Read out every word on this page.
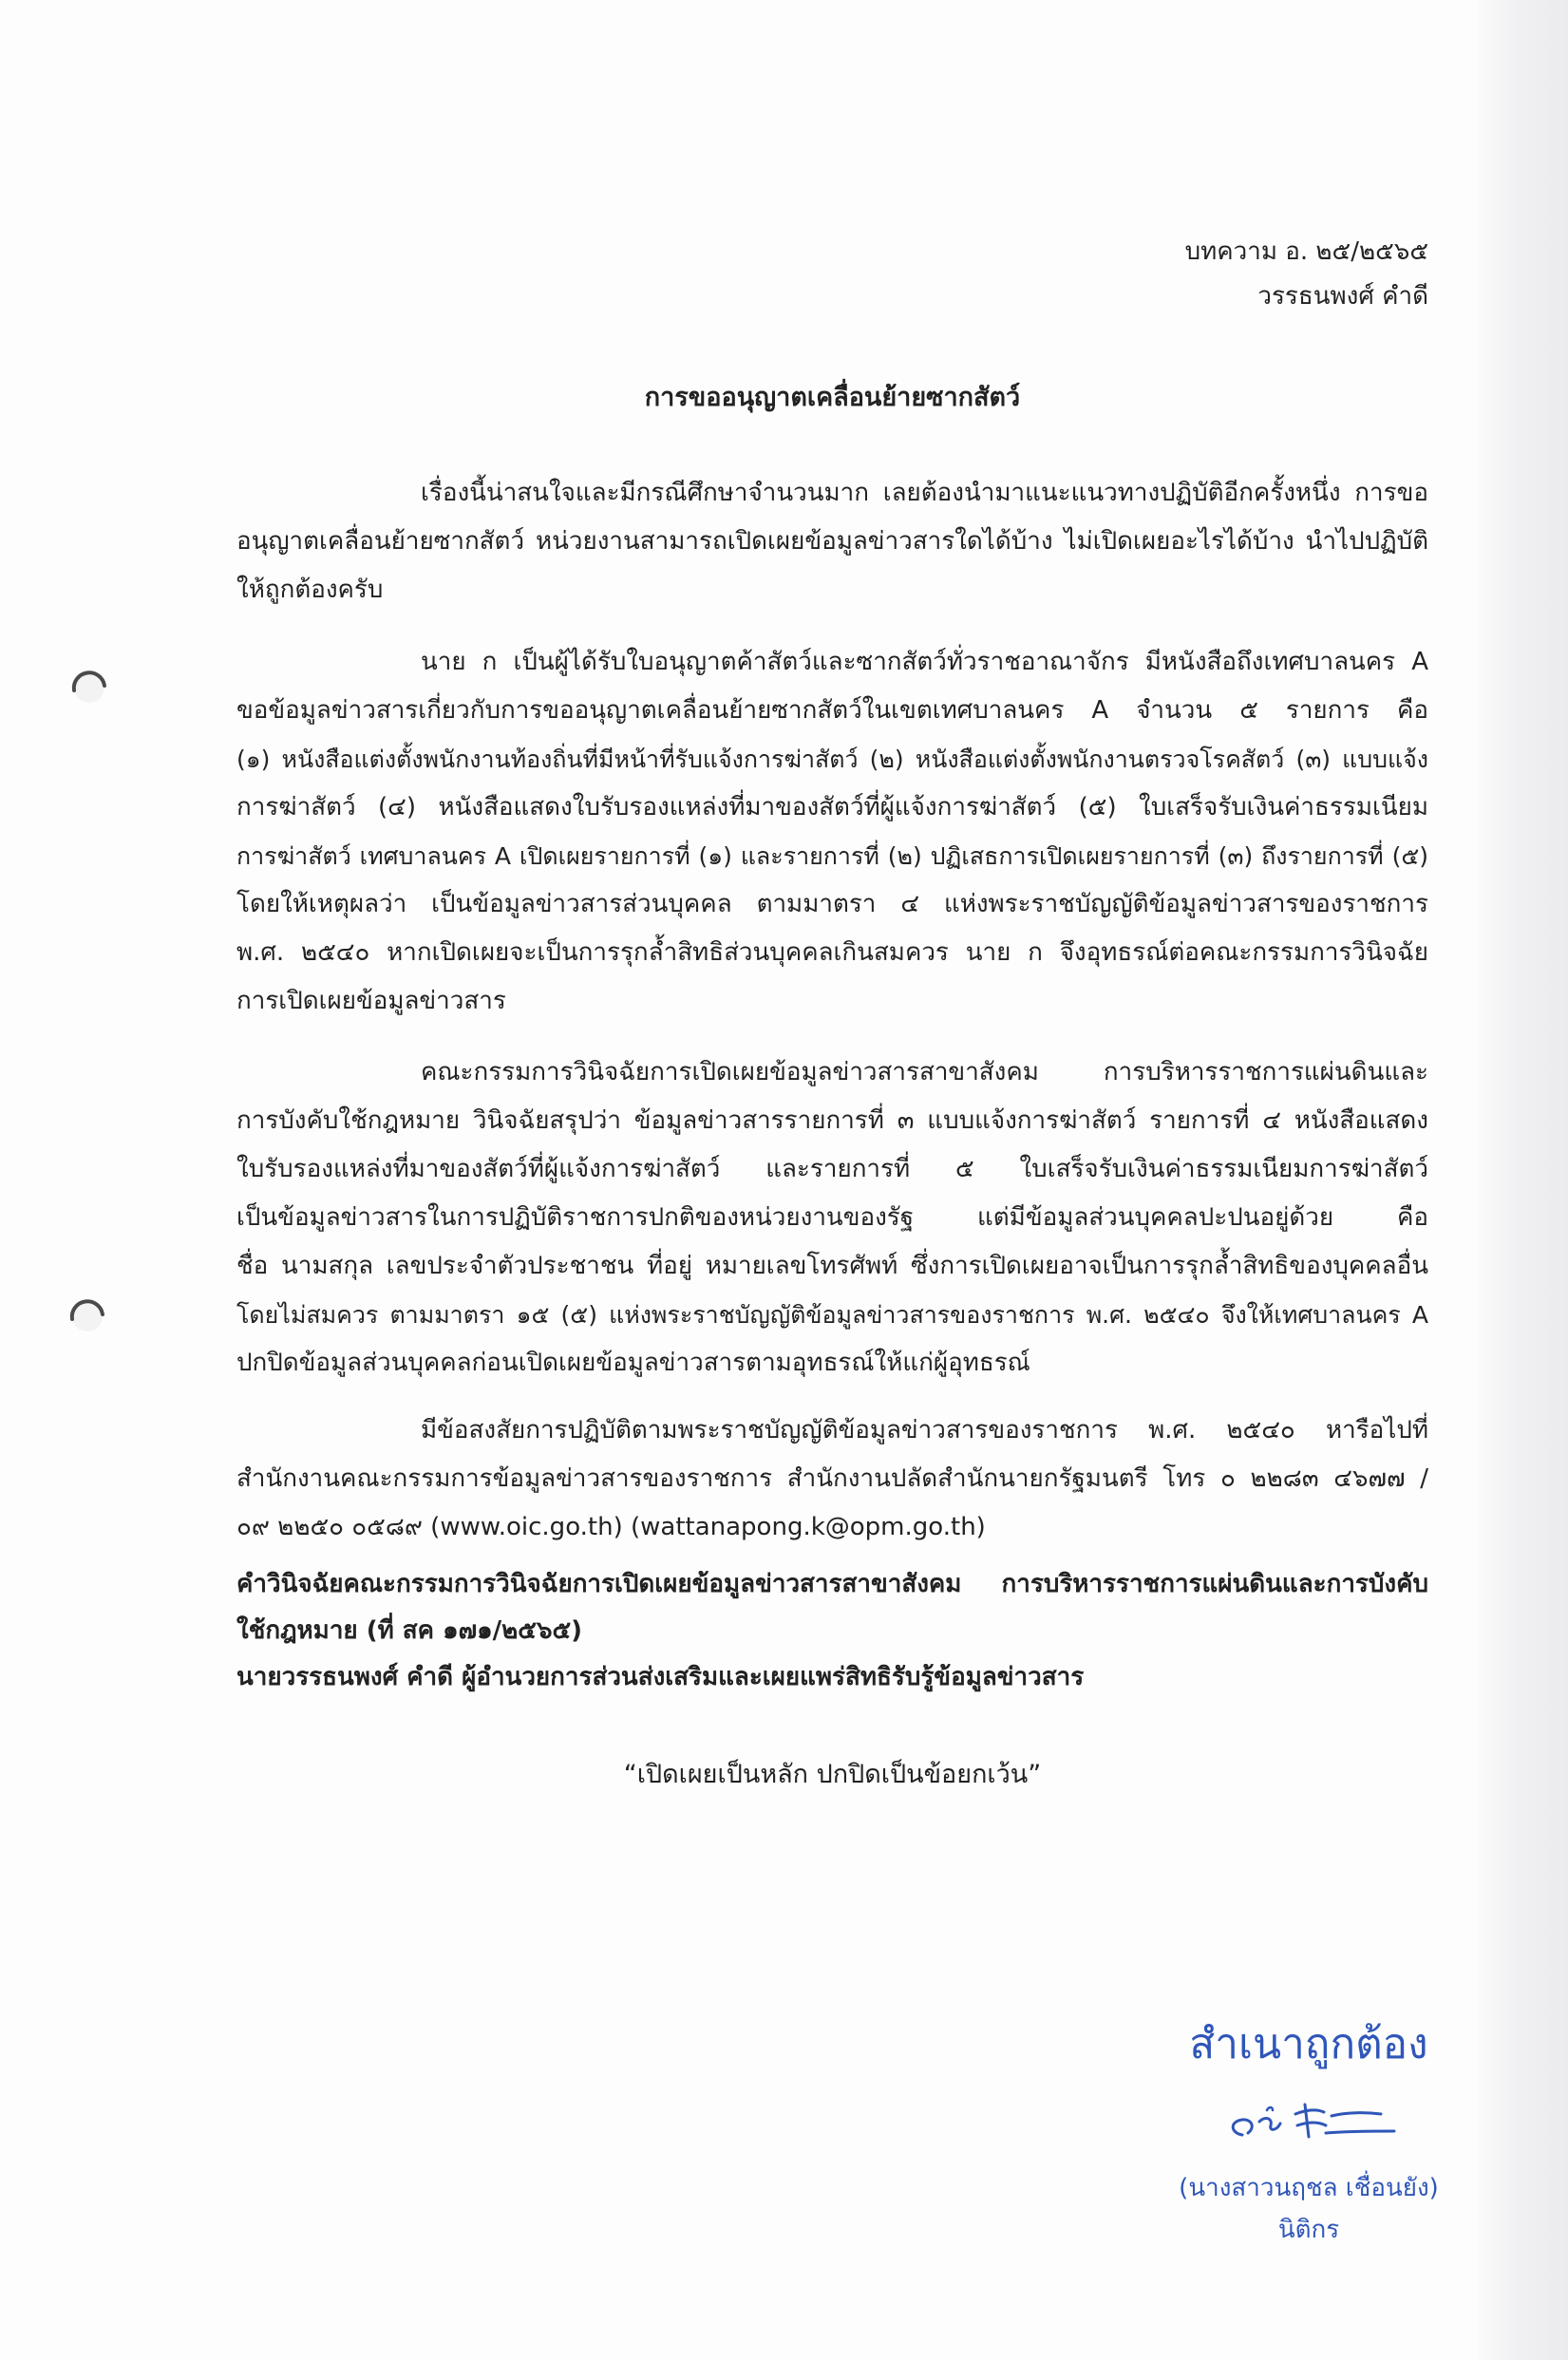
บทความ อ. ๒๕/๒๕๖๕
วรรธนพงศ์ คำดี
การขออนุญาตเคลื่อนย้ายซากสัตว์
เรื่องนี้น่าสนใจและมีกรณีศึกษาจำนวนมาก เลยต้องนำมาแนะแนวทางปฏิบัติอีกครั้งหนึ่ง การขอ
อนุญาตเคลื่อนย้ายซากสัตว์ หน่วยงานสามารถเปิดเผยข้อมูลข่าวสารใดได้บ้าง ไม่เปิดเผยอะไรได้บ้าง นำไปปฏิบัติ
ให้ถูกต้องครับ
นาย ก เป็นผู้ได้รับใบอนุญาตค้าสัตว์และซากสัตว์ทั่วราชอาณาจักร มีหนังสือถึงเทศบาลนคร A
ขอข้อมูลข่าวสารเกี่ยวกับการขออนุญาตเคลื่อนย้ายซากสัตว์ในเขตเทศบาลนคร A จำนวน ๕ รายการ คือ
(๑) หนังสือแต่งตั้งพนักงานท้องถิ่นที่มีหน้าที่รับแจ้งการฆ่าสัตว์ (๒) หนังสือแต่งตั้งพนักงานตรวจโรคสัตว์ (๓) แบบแจ้ง
การฆ่าสัตว์ (๔) หนังสือแสดงใบรับรองแหล่งที่มาของสัตว์ที่ผู้แจ้งการฆ่าสัตว์ (๕) ใบเสร็จรับเงินค่าธรรมเนียม
การฆ่าสัตว์ เทศบาลนคร A เปิดเผยรายการที่ (๑) และรายการที่ (๒) ปฏิเสธการเปิดเผยรายการที่ (๓) ถึงรายการที่ (๕)
โดยให้เหตุผลว่า เป็นข้อมูลข่าวสารส่วนบุคคล ตามมาตรา ๔ แห่งพระราชบัญญัติข้อมูลข่าวสารของราชการ
พ.ศ. ๒๕๔๐ หากเปิดเผยจะเป็นการรุกล้ำสิทธิส่วนบุคคลเกินสมควร นาย ก จึงอุทธรณ์ต่อคณะกรรมการวินิจฉัย
การเปิดเผยข้อมูลข่าวสาร
คณะกรรมการวินิจฉัยการเปิดเผยข้อมูลข่าวสารสาขาสังคม การบริหารราชการแผ่นดินและ
การบังคับใช้กฎหมาย วินิจฉัยสรุปว่า ข้อมูลข่าวสารรายการที่ ๓ แบบแจ้งการฆ่าสัตว์ รายการที่ ๔ หนังสือแสดง
ใบรับรองแหล่งที่มาของสัตว์ที่ผู้แจ้งการฆ่าสัตว์ และรายการที่ ๕ ใบเสร็จรับเงินค่าธรรมเนียมการฆ่าสัตว์
เป็นข้อมูลข่าวสารในการปฏิบัติราชการปกติของหน่วยงานของรัฐ แต่มีข้อมูลส่วนบุคคลปะปนอยู่ด้วย คือ
ชื่อ นามสกุล เลขประจำตัวประชาชน ที่อยู่ หมายเลขโทรศัพท์ ซึ่งการเปิดเผยอาจเป็นการรุกล้ำสิทธิของบุคคลอื่น
โดยไม่สมควร ตามมาตรา ๑๕ (๕) แห่งพระราชบัญญัติข้อมูลข่าวสารของราชการ พ.ศ. ๒๕๔๐ จึงให้เทศบาลนคร A
ปกปิดข้อมูลส่วนบุคคลก่อนเปิดเผยข้อมูลข่าวสารตามอุทธรณ์ให้แก่ผู้อุทธรณ์
มีข้อสงสัยการปฏิบัติตามพระราชบัญญัติข้อมูลข่าวสารของราชการ พ.ศ. ๒๕๔๐ หารือไปที่
สำนักงานคณะกรรมการข้อมูลข่าวสารของราชการ สำนักงานปลัดสำนักนายกรัฐมนตรี โทร ๐ ๒๒๘๓ ๔๖๗๗ /
๐๙ ๒๒๕๐ ๐๕๘๙ (www.oic.go.th) (wattanapong.k@opm.go.th)
คำวินิจฉัยคณะกรรมการวินิจฉัยการเปิดเผยข้อมูลข่าวสารสาขาสังคม การบริหารราชการแผ่นดินและการบังคับ
ใช้กฎหมาย (ที่ สค ๑๗๑/๒๕๖๕)
นายวรรธนพงศ์ คำดี ผู้อำนวยการส่วนส่งเสริมและเผยแพร่สิทธิรับรู้ข้อมูลข่าวสาร
“เปิดเผยเป็นหลัก ปกปิดเป็นข้อยกเว้น”
สำเนาถูกต้อง
(นางสาวนฤชล เชื่อนยัง)
นิติกร
